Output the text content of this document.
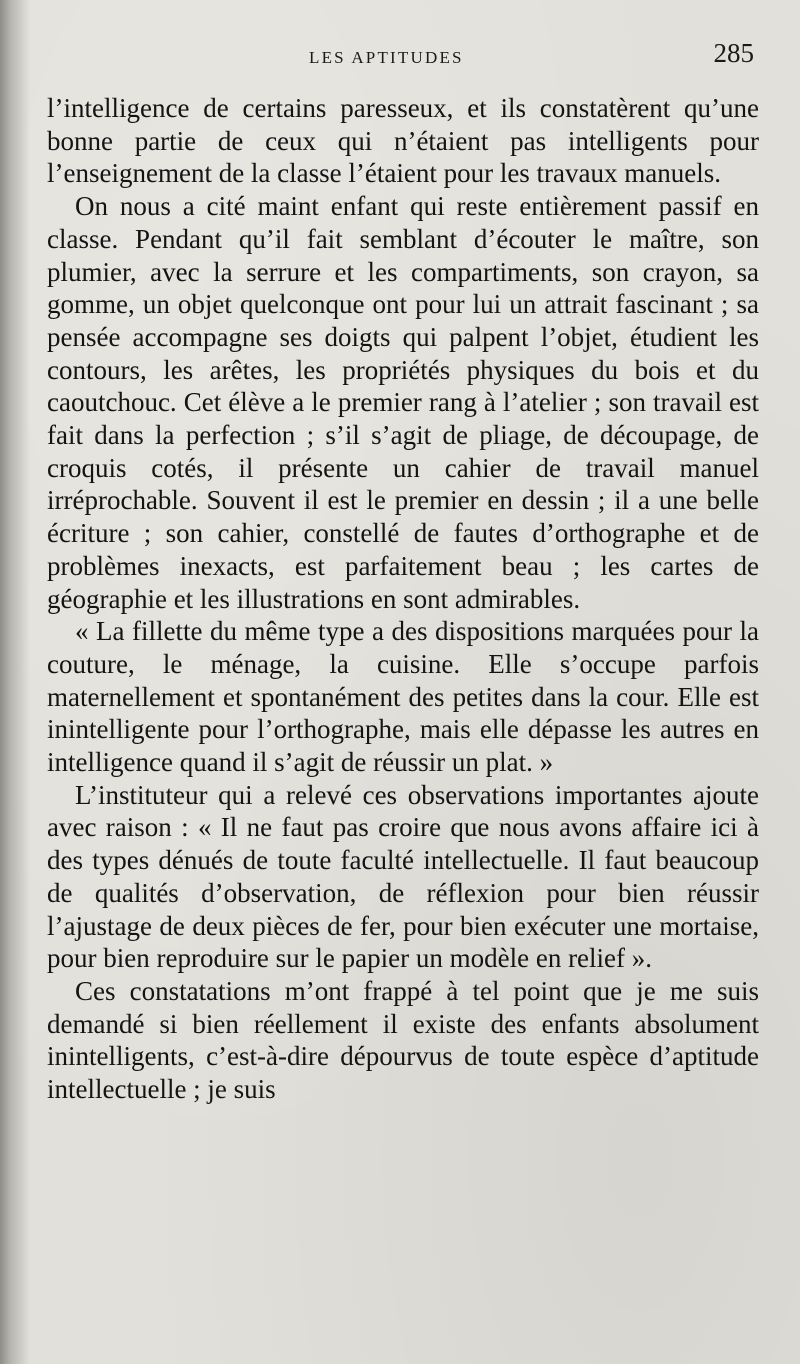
LES APTITUDES	285

l’intelligence de certains paresseux, et ils constatèrent qu’une bonne partie de ceux qui n’étaient pas intelligents pour l’enseignement de la classe l’étaient pour les travaux manuels.

On nous a cité maint enfant qui reste entièrement passif en classe. Pendant qu’il fait semblant d’écouter le maître, son plumier, avec la serrure et les compartiments, son crayon, sa gomme, un objet quelconque ont pour lui un attrait fascinant ; sa pensée accompagne ses doigts qui palpent l’objet, étudient les contours, les arêtes, les propriétés physiques du bois et du caoutchouc. Cet élève a le premier rang à l’atelier ; son travail est fait dans la perfection ; s’il s’agit de pliage, de découpage, de croquis cotés, il présente un cahier de travail manuel irréprochable. Souvent il est le premier en dessin ; il a une belle écriture ; son cahier, constellé de fautes d’orthographe et de problèmes inexacts, est parfaitement beau ; les cartes de géographie et les illustrations en sont admirables.

« La fillette du même type a des dispositions marquées pour la couture, le ménage, la cuisine. Elle s’occupe parfois maternellement et spontanément des petites dans la cour. Elle est inintelligente pour l’orthographe, mais elle dépasse les autres en intelligence quand il s’agit de réussir un plat. »

L’instituteur qui a relevé ces observations importantes ajoute avec raison : « Il ne faut pas croire que nous avons affaire ici à des types dénués de toute faculté intellectuelle. Il faut beaucoup de qualités d’observation, de réflexion pour bien réussir l’ajustage de deux pièces de fer, pour bien exécuter une mortaise, pour bien reproduire sur le papier un modèle en relief ».

Ces constatations m’ont frappé à tel point que je me suis demandé si bien réellement il existe des enfants absolument inintelligents, c’est-à-dire dépourvus de toute espèce d’aptitude intellectuelle ; je suis
